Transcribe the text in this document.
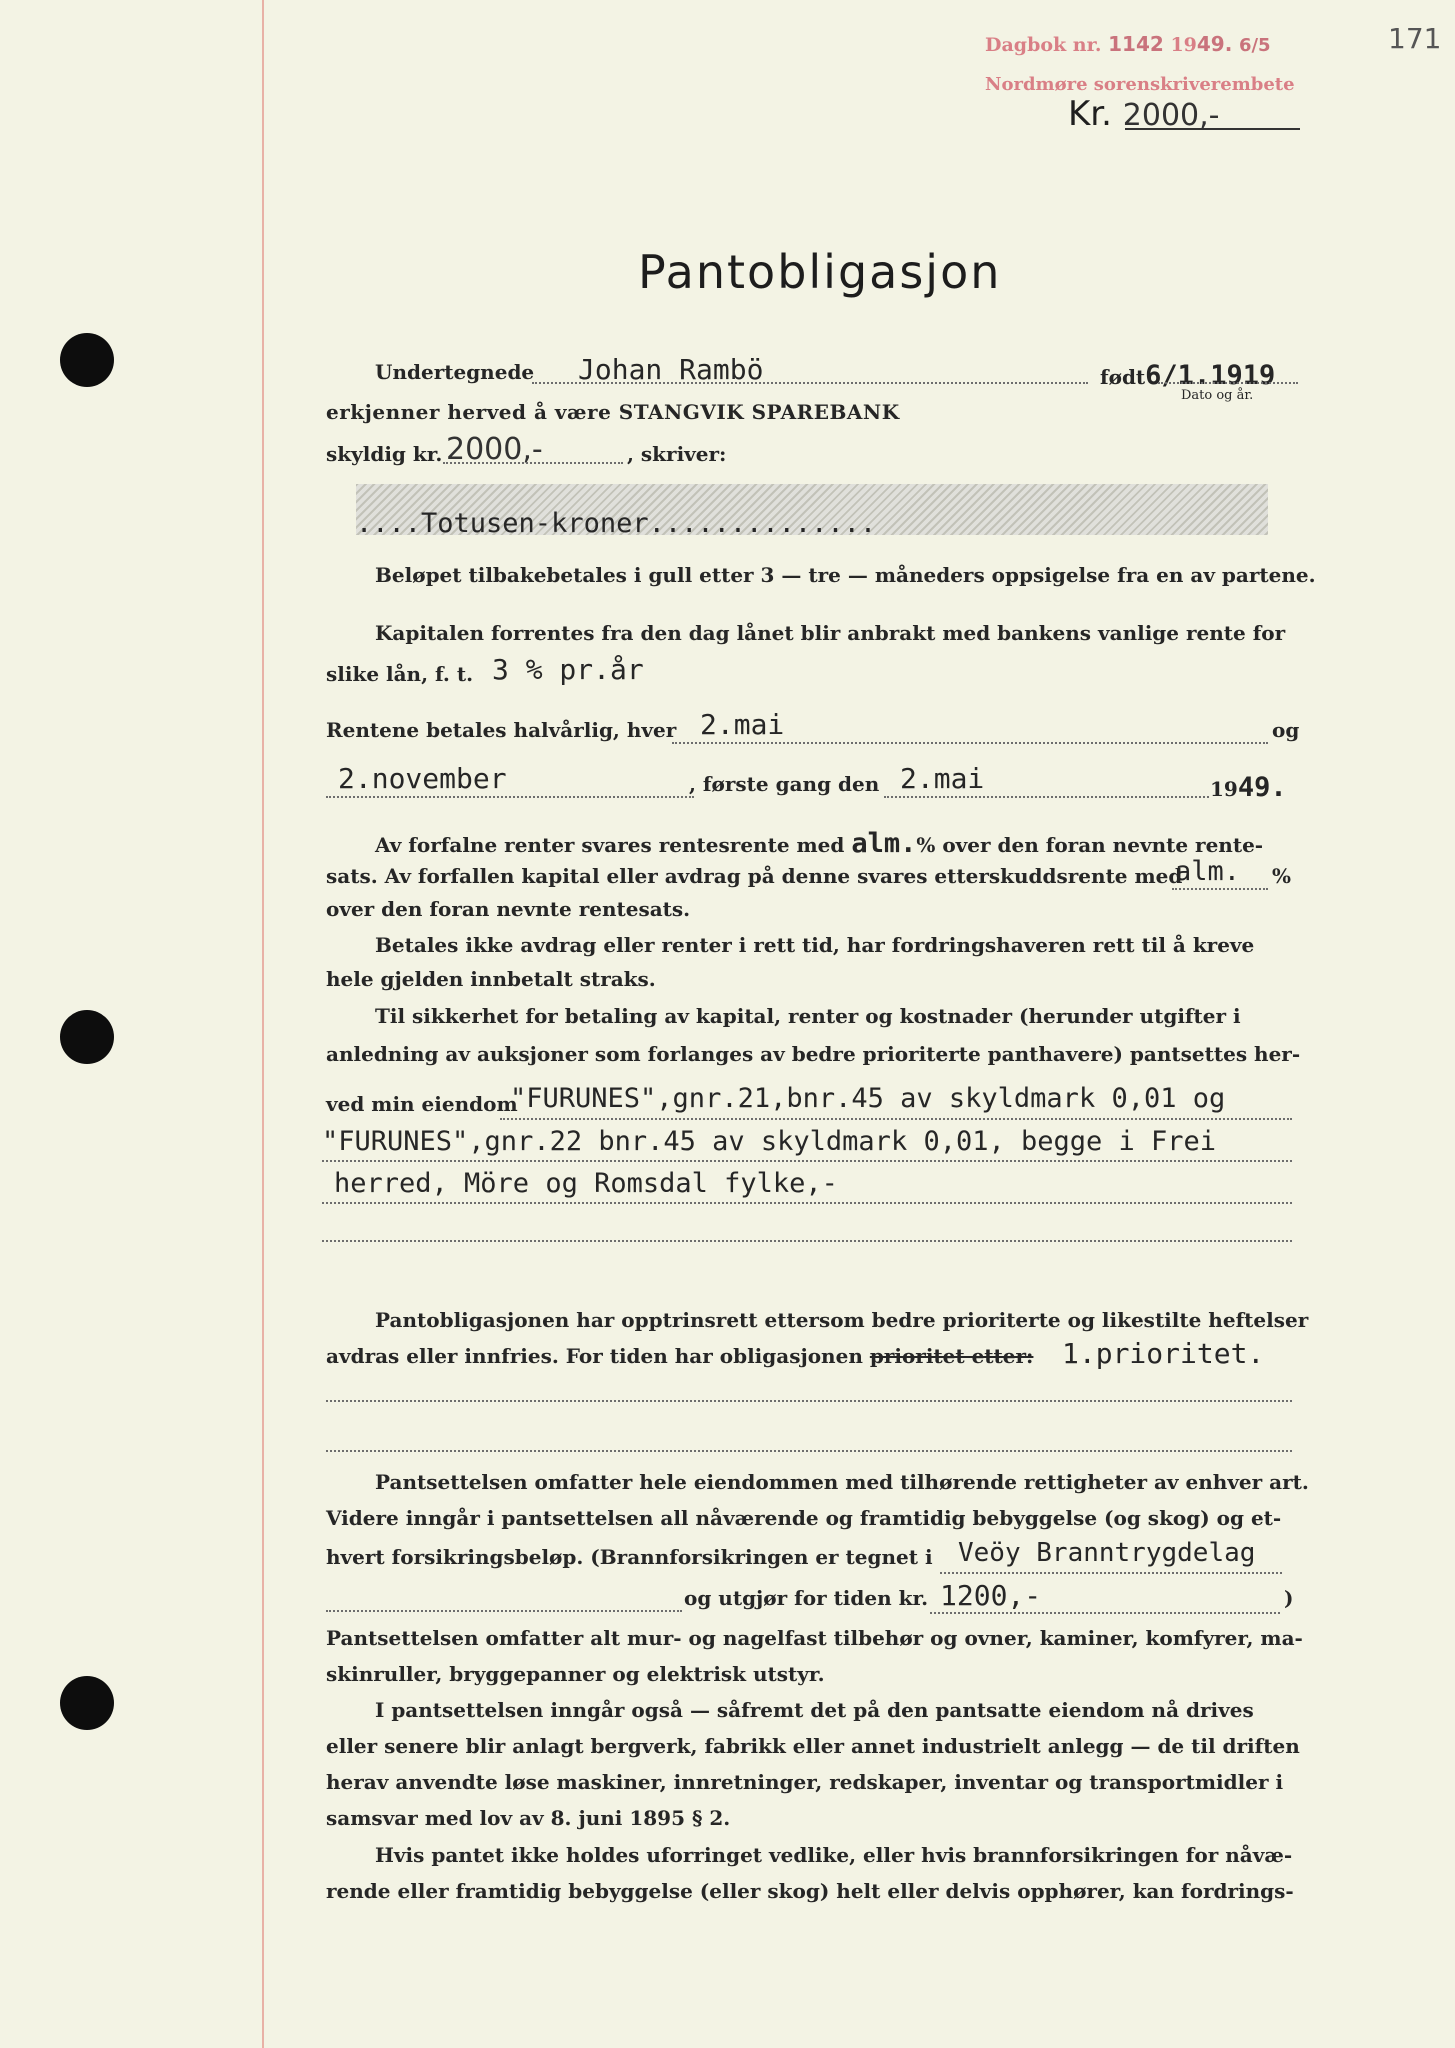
Dagbok nr. 1142 1949. 6/5
Nordmøre sorenskriverembete
171
Kr. 2000,-
Pantobligasjon
Undertegnede Johan Rambö	født6/1.1919
Dato og år.
erkjenner herved å være STANGVIK SPAREBANK
skyldig kr. 2000,-	, skriver:
....Totusen-kroner..............
Beløpet tilbakebetales i gull etter 3 — tre — måneders oppsigelse fra en av partene.
Kapitalen forrentes fra den dag lånet blir anbrakt med bankens vanlige rente for
slike lån, f. t. 3 % pr.år
Rentene betales halvårlig, hver 2.mai	og
2.november	, første gang den 2.mai	1949.
Av forfalne renter svares rentesrente med alm.% over den foran nevnte rente-
sats. Av forfallen kapital eller avdrag på denne svares etterskuddsrente med
alm. %
over den foran nevnte rentesats.
Betales ikke avdrag eller renter i rett tid, har fordringshaveren rett til å kreve
hele gjelden innbetalt straks.
Til sikkerhet for betaling av kapital, renter og kostnader (herunder utgifter i
anledning av auksjoner som forlanges av bedre prioriterte panthavere) pantsettes her-
ved min eiendom
"FURUNES",gnr.21,bnr.45 av skyldmark 0,01 og
"FURUNES",gnr.22 bnr.45 av skyldmark 0,01, begge i Frei
herred, Möre og Romsdal fylke,-
Pantobligasjonen har opptrinsrett ettersom bedre prioriterte og likestilte heftelser
avdras eller innfries. For tiden har obligasjonen prioritet etter: 1.prioritet.
Pantsettelsen omfatter hele eiendommen med tilhørende rettigheter av enhver art.
Videre inngår i pantsettelsen all nåværende og framtidig bebyggelse (og skog) og et-
hvert forsikringsbeløp. (Brannforsikringen er tegnet i Veöy Branntrygdelag
og utgjør for tiden kr. 1200,-	)
Pantsettelsen omfatter alt mur- og nagelfast tilbehør og ovner, kaminer, komfyrer, ma-
skinruller, bryggepanner og elektrisk utstyr.
I pantsettelsen inngår også — såfremt det på den pantsatte eiendom nå drives
eller senere blir anlagt bergverk, fabrikk eller annet industrielt anlegg — de til driften
herav anvendte løse maskiner, innretninger, redskaper, inventar og transportmidler i
samsvar med lov av 8. juni 1895 § 2.
Hvis pantet ikke holdes uforringet vedlike, eller hvis brannforsikringen for nåvæ-
rende eller framtidig bebyggelse (eller skog) helt eller delvis opphører, kan fordrings-
